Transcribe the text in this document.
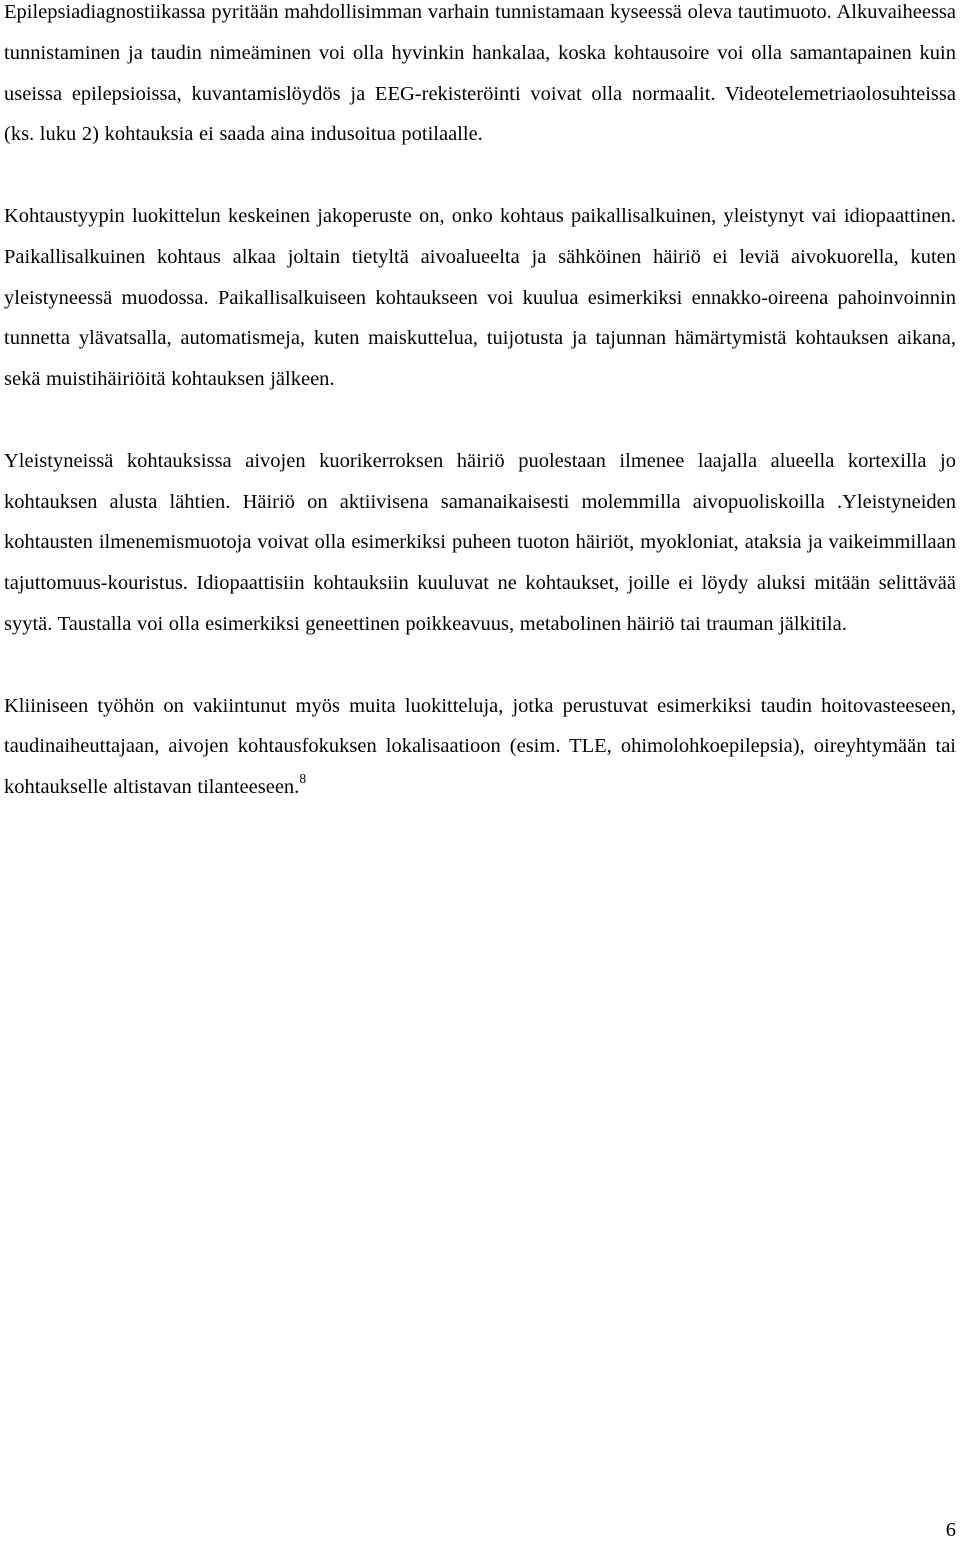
Epilepsiadiagnostiikassa pyritään mahdollisimman varhain tunnistamaan kyseessä oleva tautimuoto. Alkuvaiheessa tunnistaminen ja taudin nimeäminen voi olla hyvinkin hankalaa, koska kohtausoire voi olla samantapainen kuin useissa epilepsioissa, kuvantamislöydös ja EEG-rekisteröinti voivat olla normaalit. Videotelemetriaolosuhteissa (ks. luku 2) kohtauksia ei saada aina indusoitua potilaalle.

Kohtaustyypin luokittelun keskeinen jakoperuste on, onko kohtaus paikallisalkuinen, yleistynyt vai idiopaattinen. Paikallisalkuinen kohtaus alkaa joltain tietyltä aivoalueelta ja sähköinen häiriö ei leviä aivokuorella, kuten yleistyneessä muodossa. Paikallisalkuiseen kohtaukseen voi kuulua esimerkiksi ennakko-oireena pahoinvoinnin tunnetta ylävatsalla, automatismeja, kuten maiskuttelua, tuijotusta ja tajunnan hämärtymistä kohtauksen aikana, sekä muistihäiriöitä kohtauksen jälkeen.

Yleistyneissä kohtauksissa aivojen kuorikerroksen häiriö puolestaan ilmenee laajalla alueella kortexilla jo kohtauksen alusta lähtien. Häiriö on aktiivisena samanaikaisesti molemmilla aivopuoliskoilla .Yleistyneiden kohtausten ilmenemismuotoja voivat olla esimerkiksi puheen tuoton häiriöt, myokloniat, ataksia ja vaikeimmillaan tajuttomuus-kouristus. Idiopaattisiin kohtauksiin kuuluvat ne kohtaukset, joille ei löydy aluksi mitään selittävää syytä. Taustalla voi olla esimerkiksi geneettinen poikkeavuus, metabolinen häiriö tai trauman jälkitila.

Kliiniseen työhön on vakiintunut myös muita luokitteluja, jotka perustuvat esimerkiksi taudin hoitovasteeseen, taudinaiheuttajaan, aivojen kohtausfokuksen lokalisaatioon (esim. TLE, ohimolohkoepilepsia), oireyhtymään tai kohtaukselle altistavan tilanteeseen.$^8$

6
